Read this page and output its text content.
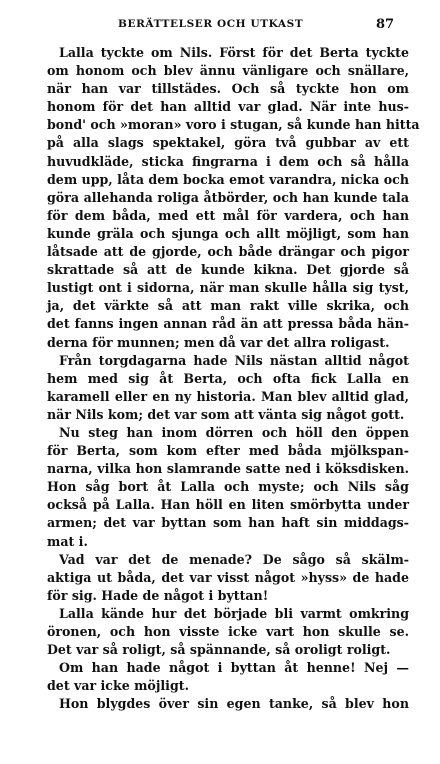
BERÄTTELSER OCH UTKAST	87
Lalla tyckte om Nils. Först för det Berta tyckte
om honom och blev ännu vänligare och snällare,
när han var tillstädes. Och så tyckte hon om
honom för det han alltid var glad. När inte hus-
bond' och »moran» voro i stugan, så kunde han hitta
på alla slags spektakel, göra två gubbar av ett
huvudkläde, sticka fingrarna i dem och så hålla
dem upp, låta dem bocka emot varandra, nicka och
göra allehanda roliga åtbörder, och han kunde tala
för dem båda, med ett mål för vardera, och han
kunde gräla och sjunga och allt möjligt, som han
låtsade att de gjorde, och både drängar och pigor
skrattade så att de kunde kikna. Det gjorde så
lustigt ont i sidorna, när man skulle hålla sig tyst,
ja, det värkte så att man rakt ville skrika, och
det fanns ingen annan råd än att pressa båda hän-
derna för munnen; men då var det allra roligast.
Från torgdagarna hade Nils nästan alltid något
hem med sig åt Berta, och ofta fick Lalla en
karamell eller en ny historia. Man blev alltid glad,
när Nils kom; det var som att vänta sig något gott.
Nu steg han inom dörren och höll den öppen
för Berta, som kom efter med båda mjölkspan-
narna, vilka hon slamrande satte ned i köksdisken.
Hon såg bort åt Lalla och myste; och Nils såg
också på Lalla. Han höll en liten smörbytta under
armen; det var byttan som han haft sin middags-
mat i.
Vad var det de menade? De sågo så skälm-
aktiga ut båda, det var visst något »hyss» de hade
för sig. Hade de något i byttan!
Lalla kände hur det började bli varmt omkring
öronen, och hon visste icke vart hon skulle se.
Det var så roligt, så spännande, så oroligt roligt.
Om han hade något i byttan åt henne! Nej —
det var icke möjligt.
Hon blygdes över sin egen tanke, så blev hon
